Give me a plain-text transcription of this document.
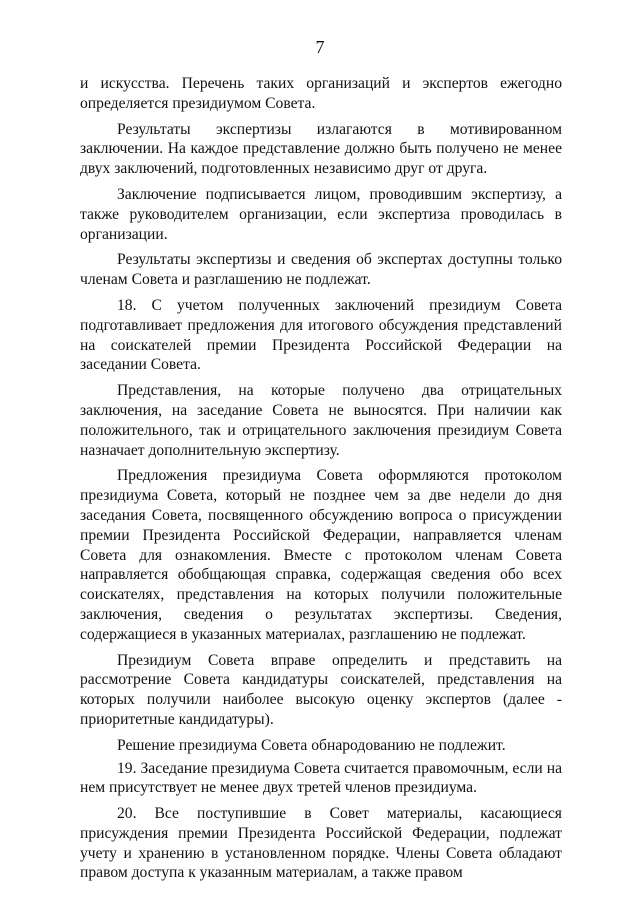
7

и искусства. Перечень таких организаций и экспертов ежегодно определяется президиумом Совета.

Результаты экспертизы излагаются в мотивированном заключении. На каждое представление должно быть получено не менее двух заключений, подготовленных независимо друг от друга.

Заключение подписывается лицом, проводившим экспертизу, а также руководителем организации, если экспертиза проводилась в организации.

Результаты экспертизы и сведения об экспертах доступны только членам Совета и разглашению не подлежат.

18. С учетом полученных заключений президиум Совета подготавливает предложения для итогового обсуждения представлений на соискателей премии Президента Российской Федерации на заседании Совета.

Представления, на которые получено два отрицательных заключения, на заседание Совета не выносятся. При наличии как положительного, так и отрицательного заключения президиум Совета назначает дополнительную экспертизу.

Предложения президиума Совета оформляются протоколом президиума Совета, который не позднее чем за две недели до дня заседания Совета, посвященного обсуждению вопроса о присуждении премии Президента Российской Федерации, направляется членам Совета для ознакомления. Вместе с протоколом членам Совета направляется обобщающая справка, содержащая сведения обо всех соискателях, представления на которых получили положительные заключения, сведения о результатах экспертизы. Сведения, содержащиеся в указанных материалах, разглашению не подлежат.

Президиум Совета вправе определить и представить на рассмотрение Совета кандидатуры соискателей, представления на которых получили наиболее высокую оценку экспертов (далее - приоритетные кандидатуры).

Решение президиума Совета обнародованию не подлежит.

19. Заседание президиума Совета считается правомочным, если на нем присутствует не менее двух третей членов президиума.

20. Все поступившие в Совет материалы, касающиеся присуждения премии Президента Российской Федерации, подлежат учету и хранению в установленном порядке. Члены Совета обладают правом доступа к указанным материалам, а также правом
